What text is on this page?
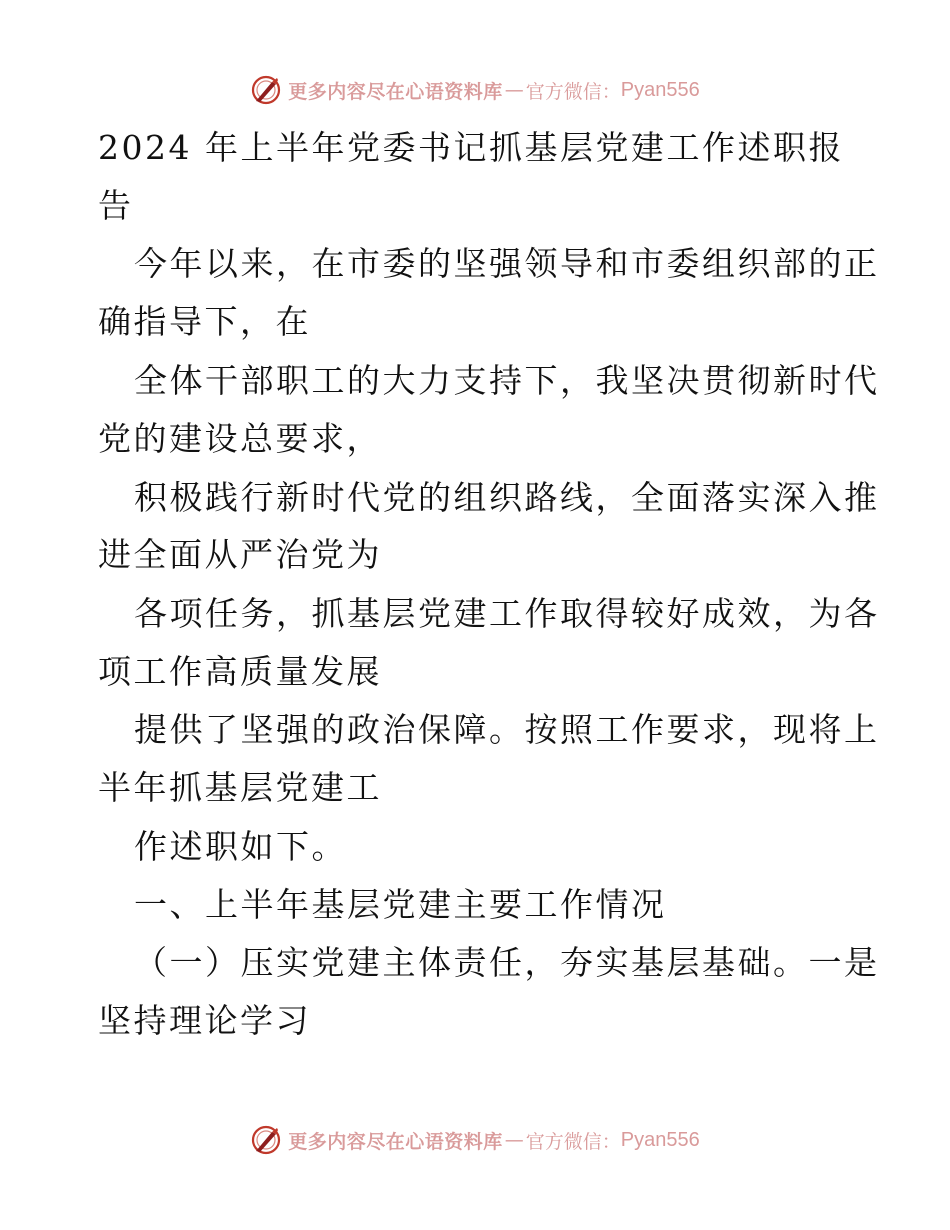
更多内容尽在心语资料库 — 官方微信： Pyan556
2024 年上半年党委书记抓基层党建工作述职报
告
今年以来，在市委的坚强领导和市委组织部的正
确指导下，在
全体干部职工的大力支持下，我坚决贯彻新时代
党的建设总要求，
积极践行新时代党的组织路线，全面落实深入推
进全面从严治党为
各项任务，抓基层党建工作取得较好成效，为各
项工作高质量发展
提供了坚强的政治保障。按照工作要求，现将上
半年抓基层党建工
作述职如下。
一、上半年基层党建主要工作情况
（一）压实党建主体责任，夯实基层基础。一是
坚持理论学习
更多内容尽在心语资料库 — 官方微信： Pyan556
